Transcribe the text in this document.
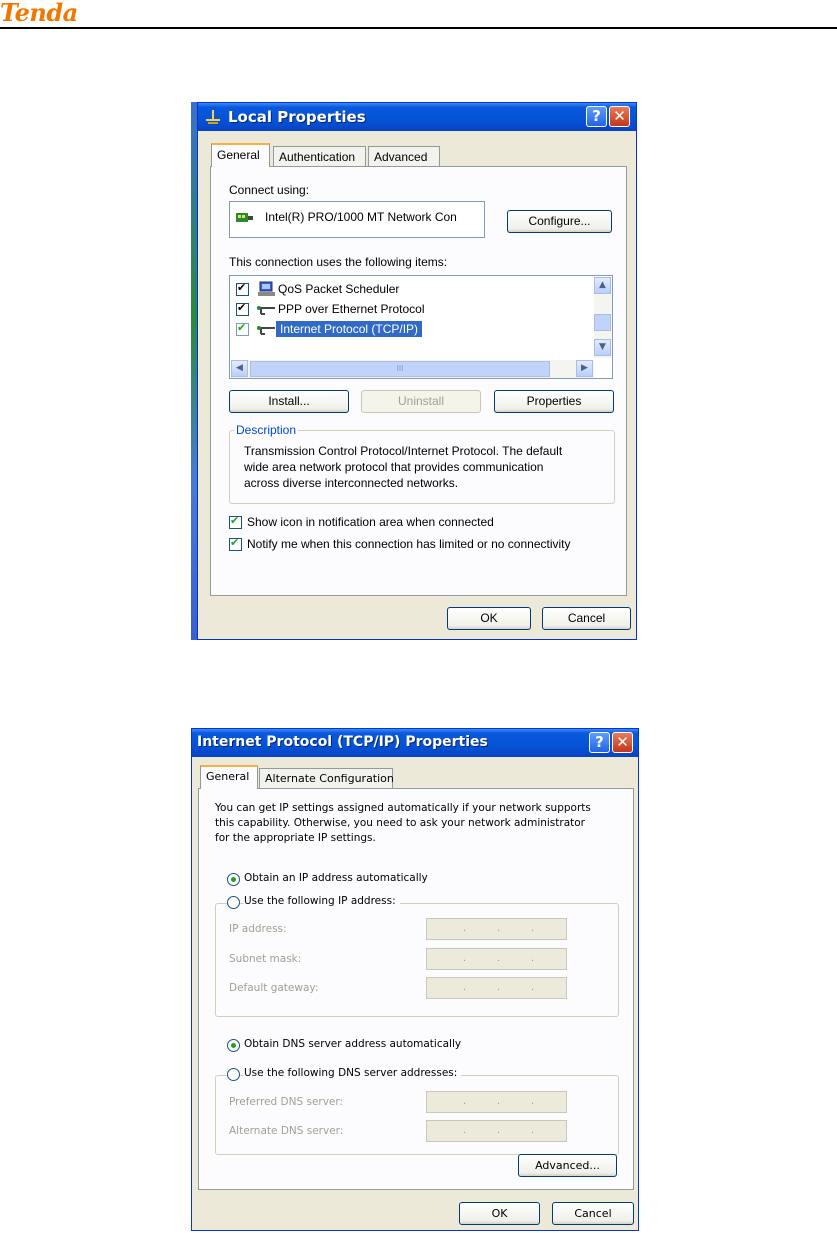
Tenda
Local Properties	? ✕
General	Authentication	Advanced
Connect using:
Intel(R) PRO/1000 MT Network Con	Configure...
This connection uses the following items:
✔
QoS Packet Scheduler
✔
PPP over Ethernet Protocol
✔
Internet Protocol (TCP/IP)
▲
▼
◀	III	▶
Install...	Uninstall	Properties
Description
Transmission Control Protocol/Internet Protocol. The default
wide area network protocol that provides communication
across diverse interconnected networks.
✔
Show icon in notification area when connected
✔
Notify me when this connection has limited or no connectivity
OK	Cancel
Internet Protocol (TCP/IP) Properties	? ✕
General	Alternate Configuration
You can get IP settings assigned automatically if your network supports
this capability. Otherwise, you need to ask your network administrator
for the appropriate IP settings.
Obtain an IP address automatically
Use the following IP address:
IP address:	.	.	.
Subnet mask:	.	.	.
Default gateway:	.	.	.
Obtain DNS server address automatically
Use the following DNS server addresses:
Preferred DNS server:	.	.	.
Alternate DNS server:	.	.	.
Advanced...
OK	Cancel
